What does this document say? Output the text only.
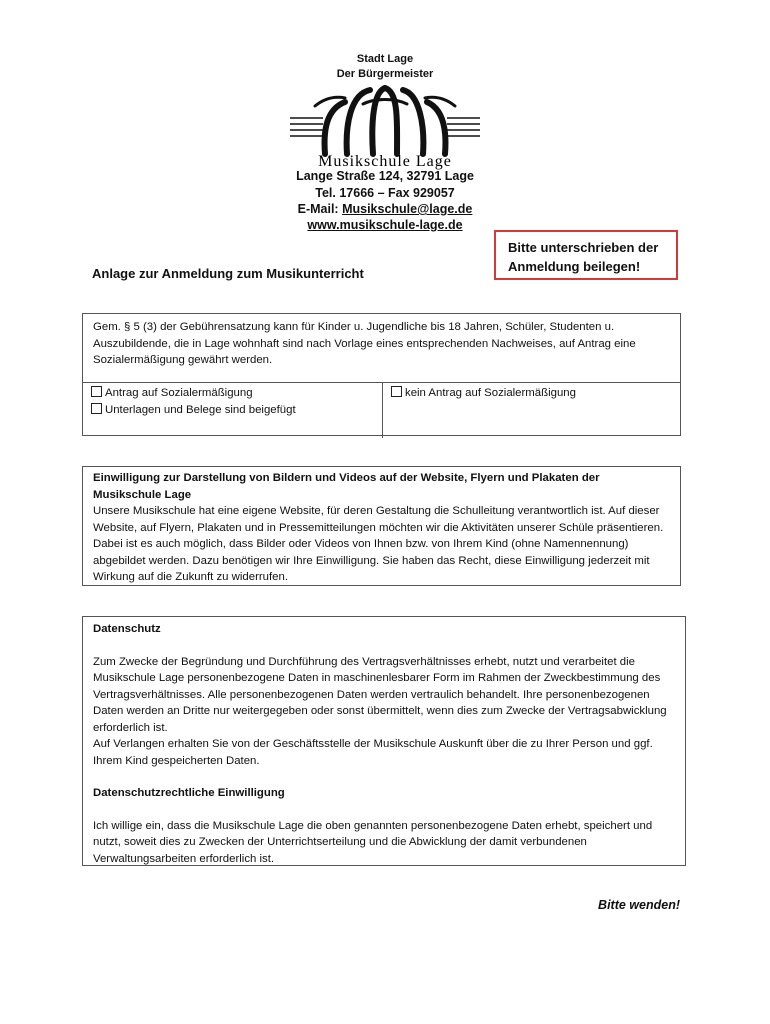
Stadt Lage
Der Bürgermeister
Musikschule Lage
Lange Straße 124, 32791 Lage
Tel. 17666 – Fax 929057
E-Mail: Musikschule@lage.de
www.musikschule-lage.de
Bitte unterschrieben der
Anmeldung beilegen!
Anlage zur Anmeldung zum Musikunterricht
Gem. § 5 (3) der Gebührensatzung kann für Kinder u. Jugendliche bis 18 Jahren, Schüler, Studenten u. Auszubildende, die in Lage wohnhaft sind nach Vorlage eines entsprechenden Nachweises, auf Antrag eine Sozialermäßigung gewährt werden.
Antrag auf Sozialermäßigung
Unterlagen und Belege sind beigefügt
kein Antrag auf Sozialermäßigung
Einwilligung zur Darstellung von Bildern und Videos auf der Website, Flyern und Plakaten der Musikschule Lage
Unsere Musikschule hat eine eigene Website, für deren Gestaltung die Schulleitung verantwortlich ist. Auf dieser Website, auf Flyern, Plakaten und in Pressemitteilungen möchten wir die Aktivitäten unserer Schüle präsentieren. Dabei ist es auch möglich, dass Bilder oder Videos von Ihnen bzw. von Ihrem Kind (ohne Namennennung) abgebildet werden. Dazu benötigen wir Ihre Einwilligung. Sie haben das Recht, diese Einwilligung jederzeit mit Wirkung auf die Zukunft zu widerrufen.
Datenschutz
Zum Zwecke der Begründung und Durchführung des Vertragsverhältnisses erhebt, nutzt und verarbeitet die Musikschule Lage personenbezogene Daten in maschinenlesbarer Form im Rahmen der Zweckbestimmung des Vertragsverhältnisses. Alle personenbezogenen Daten werden vertraulich behandelt. Ihre personenbezogenen Daten werden an Dritte nur weitergegeben oder sonst übermittelt, wenn dies zum Zwecke der Vertragsabwicklung erforderlich ist.
Auf Verlangen erhalten Sie von der Geschäftsstelle der Musikschule Auskunft über die zu Ihrer Person und ggf. Ihrem Kind gespeicherten Daten.
Datenschutzrechtliche Einwilligung
Ich willige ein, dass die Musikschule Lage die oben genannten personenbezogene Daten erhebt, speichert und nutzt, soweit dies zu Zwecken der Unterrichtserteilung und die Abwicklung der damit verbundenen Verwaltungsarbeiten erforderlich ist.
Bitte wenden!
